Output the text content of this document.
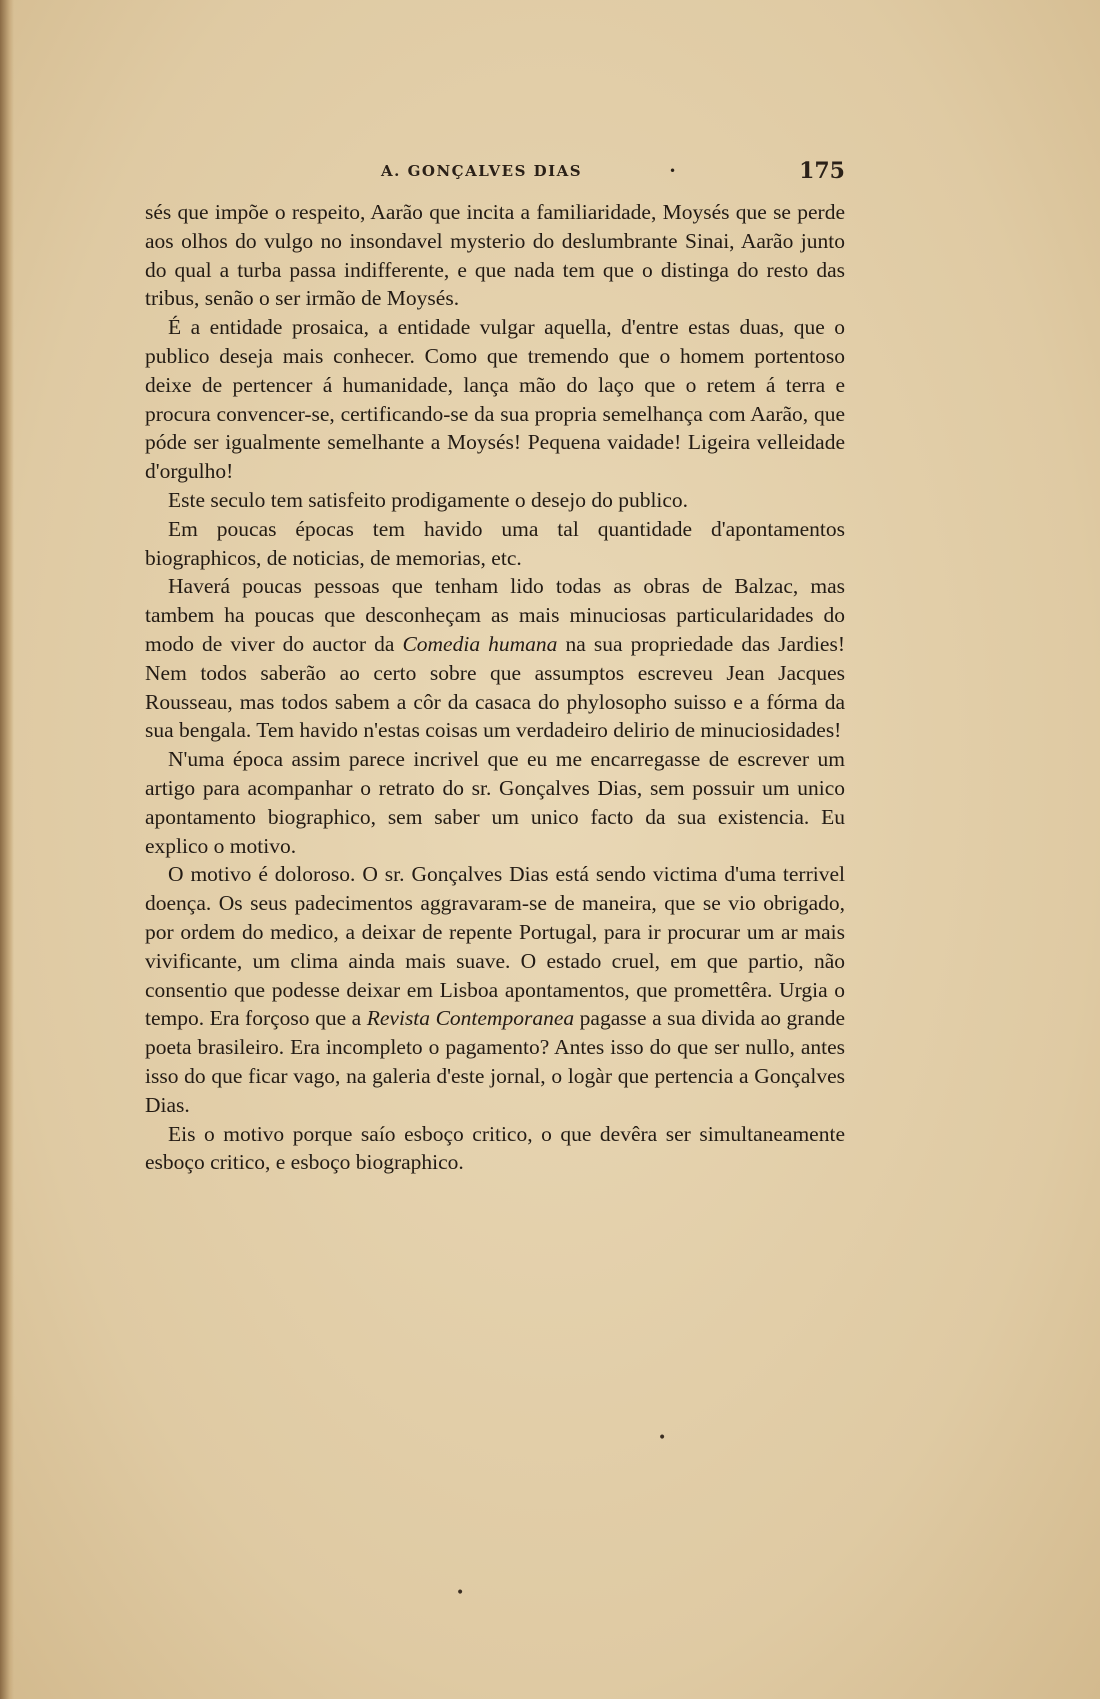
A. GONÇALVES DIAS	•	175

sés que impõe o respeito, Aarão que incita a familiaridade, Moysés que se perde aos olhos do vulgo no insondavel mysterio do deslumbrante Sinai, Aarão junto do qual a turba passa indifferente, e que nada tem que o distinga do resto das tribus, senão o ser irmão de Moysés.

É a entidade prosaica, a entidade vulgar aquella, d'entre estas duas, que o publico deseja mais conhecer. Como que tremendo que o homem portentoso deixe de pertencer á humanidade, lança mão do laço que o retem á terra e procura convencer-se, certificando-se da sua propria semelhança com Aarão, que póde ser igualmente semelhante a Moysés! Pequena vaidade! Ligeira velleidade d'orgulho!

Este seculo tem satisfeito prodigamente o desejo do publico.

Em poucas épocas tem havido uma tal quantidade d'apontamentos biographicos, de noticias, de memorias, etc.

Haverá poucas pessoas que tenham lido todas as obras de Balzac, mas tambem ha poucas que desconheçam as mais minuciosas particularidades do modo de viver do auctor da Comedia humana na sua propriedade das Jardies! Nem todos saberão ao certo sobre que assumptos escreveu Jean Jacques Rousseau, mas todos sabem a côr da casaca do phylosopho suisso e a fórma da sua bengala. Tem havido n'estas coisas um verdadeiro delirio de minuciosidades!

N'uma época assim parece incrivel que eu me encarregasse de escrever um artigo para acompanhar o retrato do sr. Gonçalves Dias, sem possuir um unico apontamento biographico, sem saber um unico facto da sua existencia. Eu explico o motivo.

O motivo é doloroso. O sr. Gonçalves Dias está sendo victima d'uma terrivel doença. Os seus padecimentos aggravaram-se de maneira, que se vio obrigado, por ordem do medico, a deixar de repente Portugal, para ir procurar um ar mais vivificante, um clima ainda mais suave. O estado cruel, em que partio, não consentio que podesse deixar em Lisboa apontamentos, que promettêra. Urgia o tempo. Era forçoso que a Revista Contemporanea pagasse a sua divida ao grande poeta brasileiro. Era incompleto o pagamento? Antes isso do que ser nullo, antes isso do que ficar vago, na galeria d'este jornal, o logàr que pertencia a Gonçalves Dias.

Eis o motivo porque saío esboço critico, o que devêra ser simultaneamente esboço critico, e esboço biographico.

•
•
